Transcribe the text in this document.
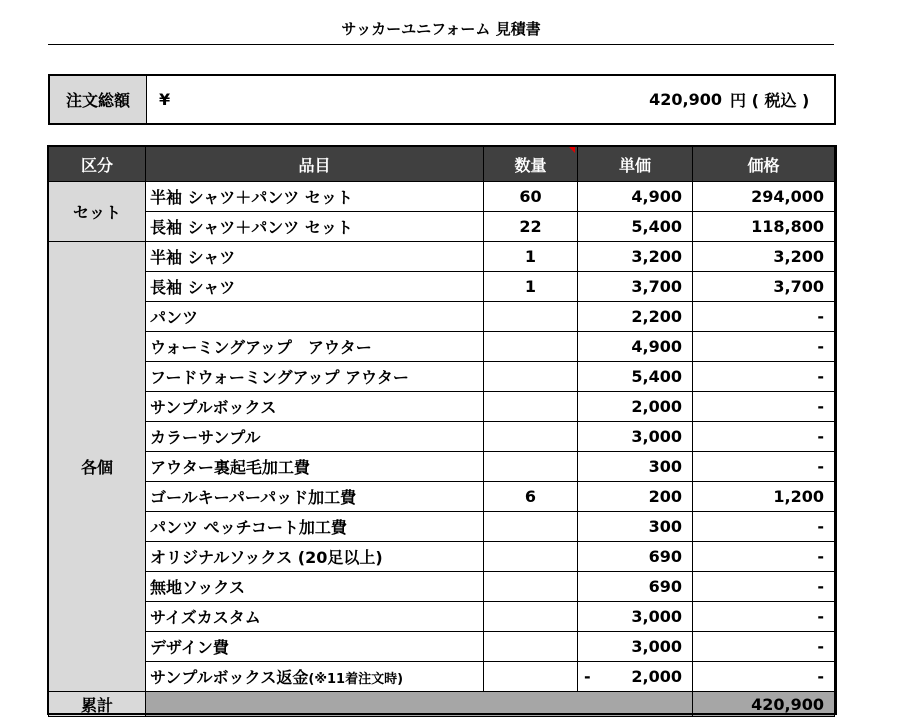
サッカーユニフォーム 見積書
注文総額	¥	420,900 円 ( 税込 )
区分	品目	数量	単価	価格
セット	半袖 シャツ＋パンツ セット	60	4,900	294,000
	長袖 シャツ＋パンツ セット	22	5,400	118,800
各個	半袖 シャツ	1	3,200	3,200
	長袖 シャツ	1	3,700	3,700
	パンツ		2,200	-
	ウォーミングアップ　アウター		4,900	-
	フードウォーミングアップ アウター		5,400	-
	サンプルボックス		2,000	-
	カラーサンプル		3,000	-
	アウター裏起毛加工費		300	-
	ゴールキーパーパッド加工費	6	200	1,200
	パンツ ぺッチコート加工費		300	-
	オリジナルソックス (20足以上)		690	-
	無地ソックス		690	-
	サイズカスタム		3,000	-
	デザイン費		3,000	-
	サンプルボックス返金(※11着注文時)		- 2,000	-
累計				420,900
